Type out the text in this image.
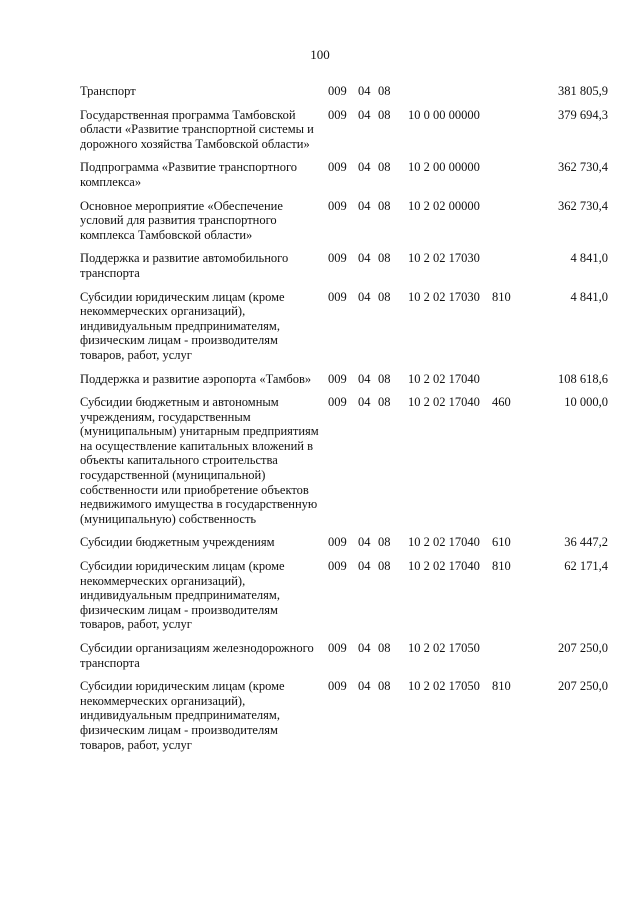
100
Транспорт	009	04	08			381 805,9
Государственная программа Тамбовской области «Развитие транспортной системы и дорожного хозяйства Тамбовской области»	009	04	08	10 0 00 00000		379 694,3
Подпрограмма «Развитие транспортного комплекса»	009	04	08	10 2 00 00000		362 730,4
Основное мероприятие «Обеспечение условий для развития транспортного комплекса Тамбовской области»	009	04	08	10 2 02 00000		362 730,4
Поддержка и развитие автомобильного транспорта	009	04	08	10 2 02 17030		4 841,0
Субсидии юридическим лицам (кроме некоммерческих организаций), индивидуальным предпринимателям, физическим лицам - производителям товаров, работ, услуг	009	04	08	10 2 02 17030	810	4 841,0
Поддержка и развитие аэропорта «Тамбов»	009	04	08	10 2 02 17040		108 618,6
Субсидии бюджетным и автономным учреждениям, государственным (муниципальным) унитарным предприятиям на осуществление капитальных вложений в объекты капитального строительства государственной (муниципальной) собственности или приобретение объектов недвижимого имущества в государственную (муниципальную) собственность	009	04	08	10 2 02 17040	460	10 000,0
Субсидии бюджетным учреждениям	009	04	08	10 2 02 17040	610	36 447,2
Субсидии юридическим лицам (кроме некоммерческих организаций), индивидуальным предпринимателям, физическим лицам - производителям товаров, работ, услуг	009	04	08	10 2 02 17040	810	62 171,4
Субсидии организациям железнодорожного транспорта	009	04	08	10 2 02 17050		207 250,0
Субсидии юридическим лицам (кроме некоммерческих организаций), индивидуальным предпринимателям, физическим лицам - производителям товаров, работ, услуг	009	04	08	10 2 02 17050	810	207 250,0
